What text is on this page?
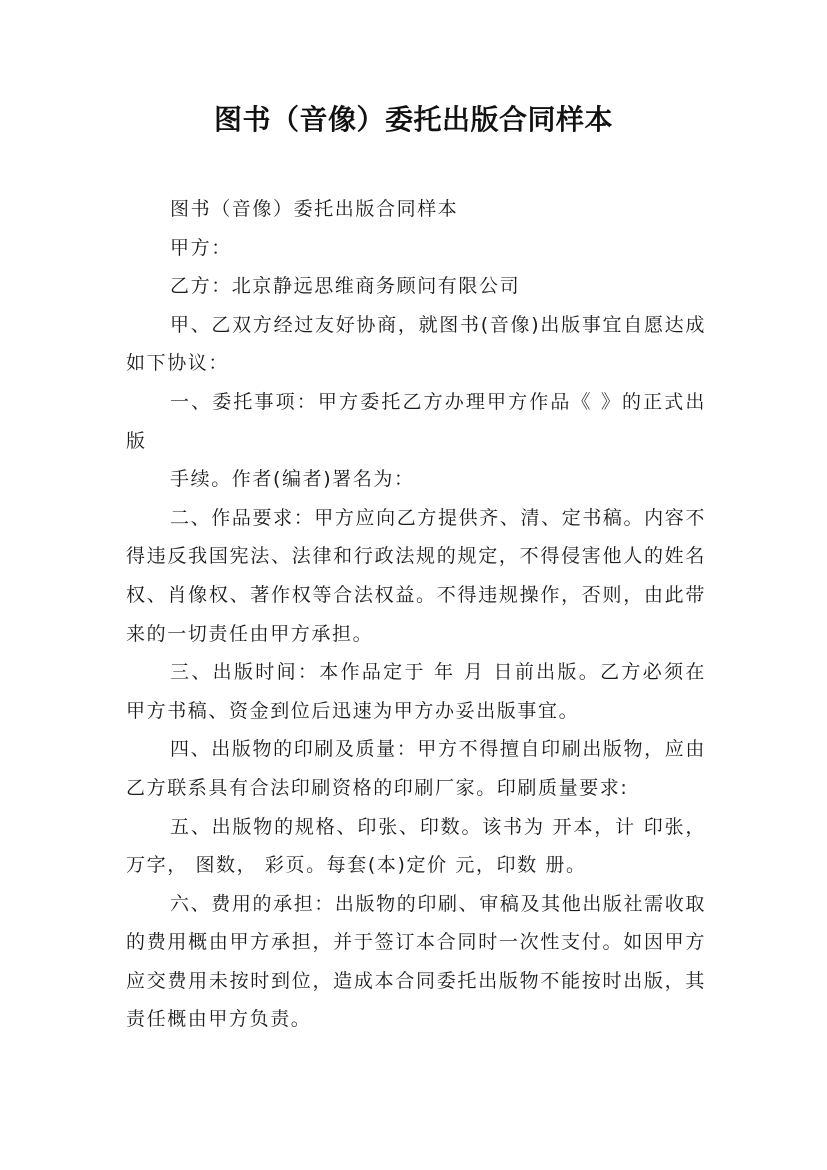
图书（音像）委托出版合同样本

图书（音像）委托出版合同样本

甲方：

乙方：北京静远思维商务顾问有限公司

甲、乙双方经过友好协商，就图书(音像)出版事宜自愿达成如下协议：

一、委托事项：甲方委托乙方办理甲方作品《 》的正式出版

手续。作者(编者)署名为：

二、作品要求：甲方应向乙方提供齐、清、定书稿。内容不得违反我国宪法、法律和行政法规的规定，不得侵害他人的姓名权、肖像权、著作权等合法权益。不得违规操作，否则，由此带来的一切责任由甲方承担。

三、出版时间：本作品定于 年 月 日前出版。乙方必须在甲方书稿、资金到位后迅速为甲方办妥出版事宜。

四、出版物的印刷及质量：甲方不得擅自印刷出版物，应由乙方联系具有合法印刷资格的印刷厂家。印刷质量要求:

五、出版物的规格、印张、印数。该书为 开本，计 印张， 万字， 图数， 彩页。每套(本)定价 元，印数 册。

六、费用的承担：出版物的印刷、审稿及其他出版社需收取的费用概由甲方承担，并于签订本合同时一次性支付。如因甲方应交费用未按时到位，造成本合同委托出版物不能按时出版，其责任概由甲方负责。
